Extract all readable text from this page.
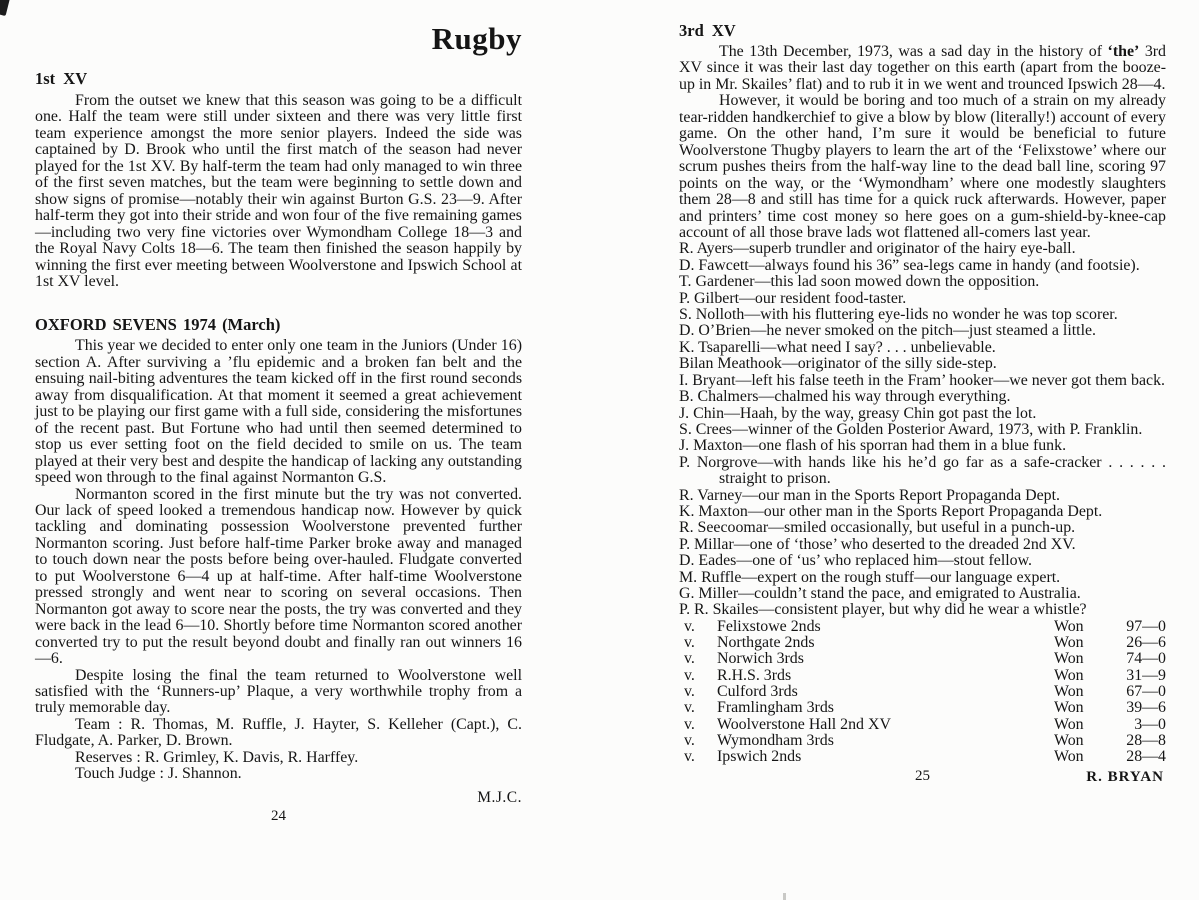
Rugby
1st XV

From the outset we knew that this season was going to be a difficult one. Half the team were still under sixteen and there was very little first team experience amongst the more senior players. Indeed the side was captained by D. Brook who until the first match of the season had never played for the 1st XV. By half-term the team had only managed to win three of the first seven matches, but the team were beginning to settle down and show signs of promise—notably their win against Burton G.S. 23—9. After half-term they got into their stride and won four of the five remaining games—including two very fine victories over Wymondham College 18—3 and the Royal Navy Colts 18—6. The team then finished the season happily by winning the first ever meeting between Woolverstone and Ipswich School at 1st XV level.

OXFORD SEVENS 1974 (March)

This year we decided to enter only one team in the Juniors (Under 16) section A. After surviving a ’flu epidemic and a broken fan belt and the ensuing nail-biting adventures the team kicked off in the first round seconds away from disqualification. At that moment it seemed a great achievement just to be playing our first game with a full side, considering the misfortunes of the recent past. But Fortune who had until then seemed determined to stop us ever setting foot on the field decided to smile on us. The team played at their very best and despite the handicap of lacking any outstanding speed won through to the final against Normanton G.S.

Normanton scored in the first minute but the try was not converted. Our lack of speed looked a tremendous handicap now. However by quick tackling and dominating possession Woolverstone prevented further Normanton scoring. Just before half-time Parker broke away and managed to touch down near the posts before being over-hauled. Fludgate converted to put Woolverstone 6—4 up at half-time. After half-time Woolverstone pressed strongly and went near to scoring on several occasions. Then Normanton got away to score near the posts, the try was converted and they were back in the lead 6—10. Shortly before time Normanton scored another converted try to put the result beyond doubt and finally ran out winners 16—6.

Despite losing the final the team returned to Woolverstone well satisfied with the ‘Runners-up’ Plaque, a very worthwhile trophy from a truly memorable day.

Team : R. Thomas, M. Ruffle, J. Hayter, S. Kelleher (Capt.), C. Fludgate, A. Parker, D. Brown.

Reserves : R. Grimley, K. Davis, R. Harffey.

Touch Judge : J. Shannon.

M.J.C.
24
3rd XV

The 13th December, 1973, was a sad day in the history of ‘the’ 3rd XV since it was their last day together on this earth (apart from the booze-up in Mr. Skailes’ flat) and to rub it in we went and trounced Ipswich 28—4.

However, it would be boring and too much of a strain on my already tear-ridden handkerchief to give a blow by blow (literally!) account of every game. On the other hand, I’m sure it would be beneficial to future Woolverstone Thugby players to learn the art of the ‘Felixstowe’ where our scrum pushes theirs from the half-way line to the dead ball line, scoring 97 points on the way, or the ‘Wymondham’ where one modestly slaughters them 28—8 and still has time for a quick ruck afterwards. However, paper and printers’ time cost money so here goes on a gum-shield-by-knee-cap account of all those brave lads wot flattened all-comers last year.

R. Ayers—superb trundler and originator of the hairy eye-ball.
D. Fawcett—always found his 36” sea-legs came in handy (and footsie).
T. Gardener—this lad soon mowed down the opposition.
P. Gilbert—our resident food-taster.
S. Nolloth—with his fluttering eye-lids no wonder he was top scorer.
D. O’Brien—he never smoked on the pitch—just steamed a little.
K. Tsaparelli—what need I say? . . . unbelievable.
Bilan Meathook—originator of the silly side-step.
I. Bryant—left his false teeth in the Fram’ hooker—we never got them back.
B. Chalmers—chalmed his way through everything.
J. Chin—Haah, by the way, greasy Chin got past the lot.
S. Crees—winner of the Golden Posterior Award, 1973, with P. Franklin.
J. Maxton—one flash of his sporran had them in a blue funk.
P. Norgrove—with hands like his he’d go far as a safe-cracker . . . . . . straight to prison.
R. Varney—our man in the Sports Report Propaganda Dept.
K. Maxton—our other man in the Sports Report Propaganda Dept.
R. Seecoomar—smiled occasionally, but useful in a punch-up.
P. Millar—one of ‘those’ who deserted to the dreaded 2nd XV.
D. Eades—one of ‘us’ who replaced him—stout fellow.
M. Ruffle—expert on the rough stuff—our language expert.
G. Miller—couldn’t stand the pace, and emigrated to Australia.
P. R. Skailes—consistent player, but why did he wear a whistle?
v.	Felixstowe 2nds	Won	97—0
v.	Northgate 2nds	Won	26—6
v.	Norwich 3rds	Won	74—0
v.	R.H.S. 3rds	Won	31—9
v.	Culford 3rds	Won	67—0
v.	Framlingham 3rds	Won	39—6
v.	Woolverstone Hall 2nd XV	Won	3—0
v.	Wymondham 3rds	Won	28—8
v.	Ipswich 2nds	Won	28—4
25	R. BRYAN
